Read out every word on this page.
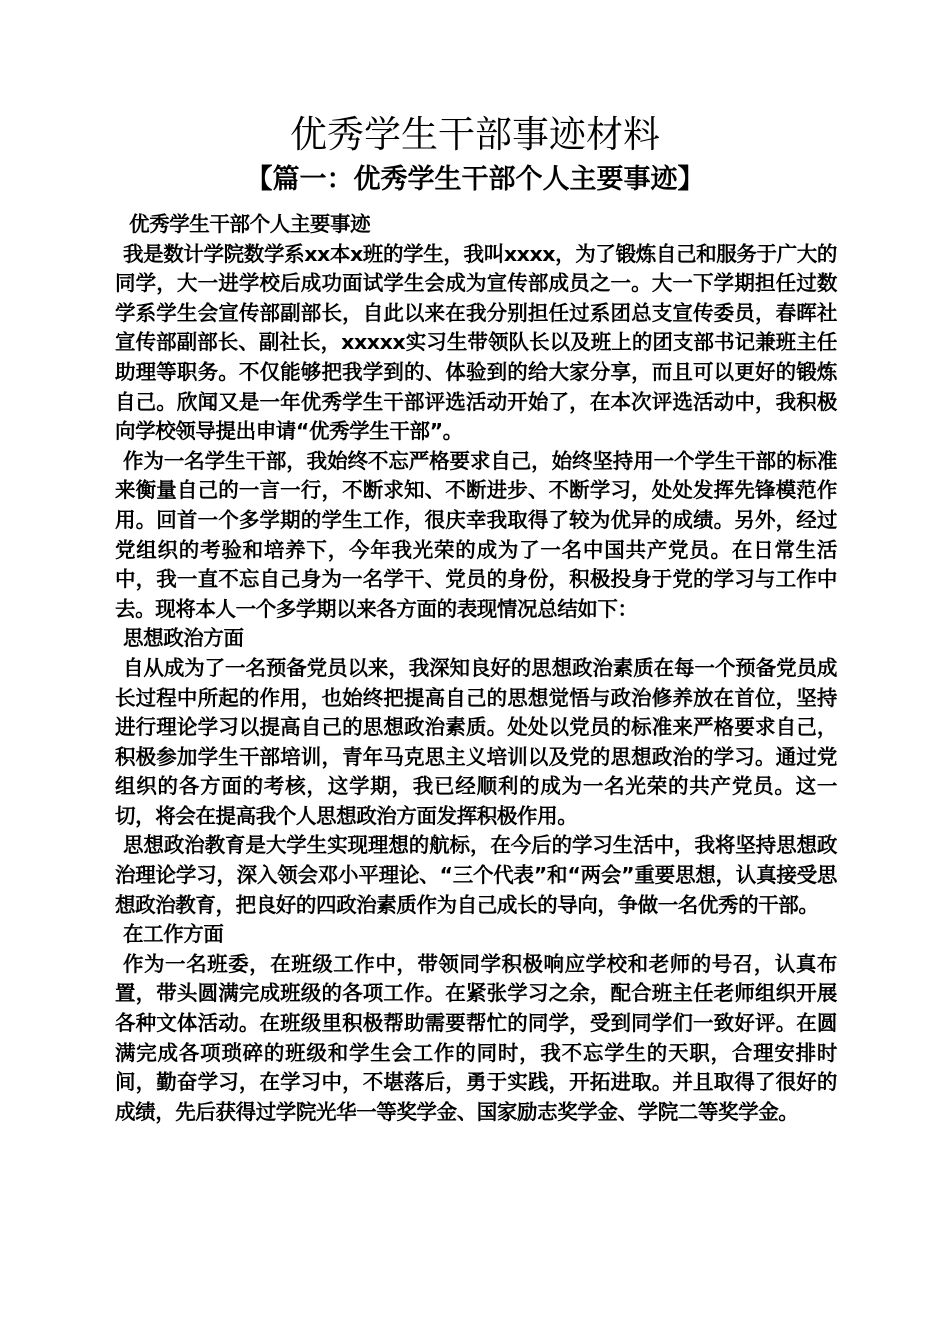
优秀学生干部事迹材料
【篇一：优秀学生干部个人主要事迹】

优秀学生干部个人主要事迹

我是数计学院数学系xx本x班的学生，我叫xxxx，为了锻炼自己和服务于广大的同学，大一进学校后成功面试学生会成为宣传部成员之一。大一下学期担任过数学系学生会宣传部副部长，自此以来在我分别担任过系团总支宣传委员，春晖社宣传部副部长、副社长，xxxxx实习生带领队长以及班上的团支部书记兼班主任助理等职务。不仅能够把我学到的、体验到的给大家分享，而且可以更好的锻炼自己。欣闻又是一年优秀学生干部评选活动开始了，在本次评选活动中，我积极向学校领导提出申请“优秀学生干部”。

作为一名学生干部，我始终不忘严格要求自己，始终坚持用一个学生干部的标准来衡量自己的一言一行，不断求知、不断进步、不断学习，处处发挥先锋模范作用。回首一个多学期的学生工作，很庆幸我取得了较为优异的成绩。另外，经过党组织的考验和培养下，今年我光荣的成为了一名中国共产党员。在日常生活中，我一直不忘自己身为一名学干、党员的身份，积极投身于党的学习与工作中去。现将本人一个多学期以来各方面的表现情况总结如下：

思想政治方面

自从成为了一名预备党员以来，我深知良好的思想政治素质在每一个预备党员成长过程中所起的作用，也始终把提高自己的思想觉悟与政治修养放在首位，坚持进行理论学习以提高自己的思想政治素质。处处以党员的标准来严格要求自己，积极参加学生干部培训，青年马克思主义培训以及党的思想政治的学习。通过党组织的各方面的考核，这学期，我已经顺利的成为一名光荣的共产党员。这一切，将会在提高我个人思想政治方面发挥积极作用。

思想政治教育是大学生实现理想的航标，在今后的学习生活中，我将坚持思想政治理论学习，深入领会邓小平理论、“三个代表”和“两会”重要思想，认真接受思想政治教育，把良好的四政治素质作为自己成长的导向，争做一名优秀的干部。

在工作方面

作为一名班委，在班级工作中，带领同学积极响应学校和老师的号召，认真布置，带头圆满完成班级的各项工作。在紧张学习之余，配合班主任老师组织开展各种文体活动。在班级里积极帮助需要帮忙的同学，受到同学们一致好评。在圆满完成各项琐碎的班级和学生会工作的同时，我不忘学生的天职，合理安排时间，勤奋学习，在学习中，不堪落后，勇于实践，开拓进取。并且取得了很好的成绩，先后获得过学院光华一等奖学金、国家励志奖学金、学院二等奖学金。
